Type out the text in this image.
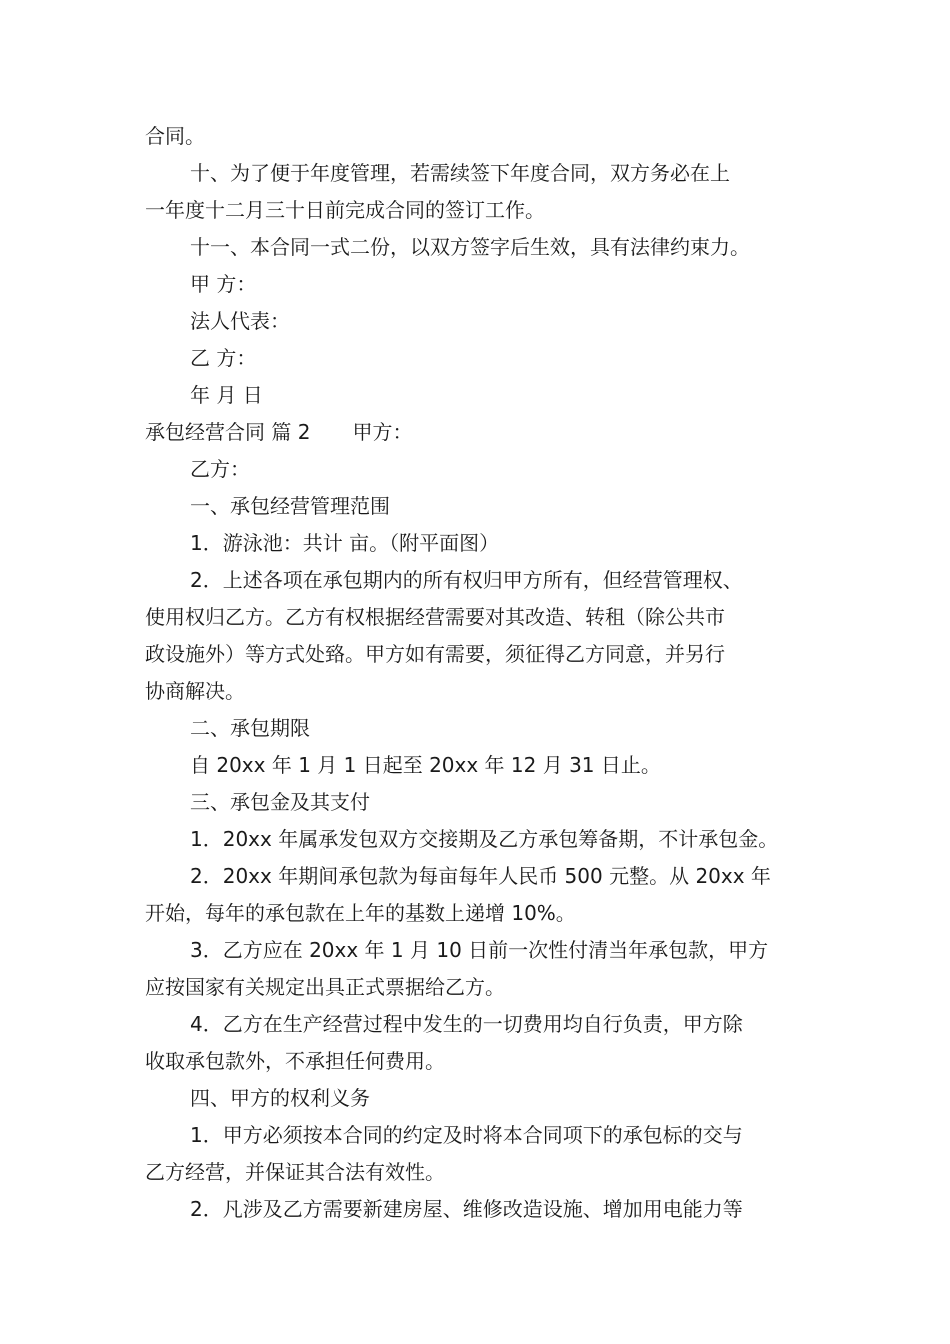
合同。
十、为了便于年度管理，若需续签下年度合同，双方务必在上
一年度十二月三十日前完成合同的签订工作。
十一、本合同一式二份，以双方签字后生效，具有法律约束力。
甲 方：
法人代表：
乙 方：
年 月 日
承包经营合同 篇 2 甲方：
乙方：
一、承包经营管理范围
1．游泳池：共计 亩。（附平面图）
2．上述各项在承包期内的所有权归甲方所有，但经营管理权、
使用权归乙方。乙方有权根据经营需要对其改造、转租（除公共市
政设施外）等方式处臵。甲方如有需要，须征得乙方同意，并另行
协商解决。
二、承包期限
自 20xx 年 1 月 1 日起至 20xx 年 12 月 31 日止。
三、承包金及其支付
1．20xx 年属承发包双方交接期及乙方承包筹备期，不计承包金。
2．20xx 年期间承包款为每亩每年人民币 500 元整。从 20xx 年
开始，每年的承包款在上年的基数上递增 10%。
3．乙方应在 20xx 年 1 月 10 日前一次性付清当年承包款，甲方
应按国家有关规定出具正式票据给乙方。
4．乙方在生产经营过程中发生的一切费用均自行负责，甲方除
收取承包款外，不承担任何费用。
四、甲方的权利义务
1．甲方必须按本合同的约定及时将本合同项下的承包标的交与
乙方经营，并保证其合法有效性。
2．凡涉及乙方需要新建房屋、维修改造设施、增加用电能力等
